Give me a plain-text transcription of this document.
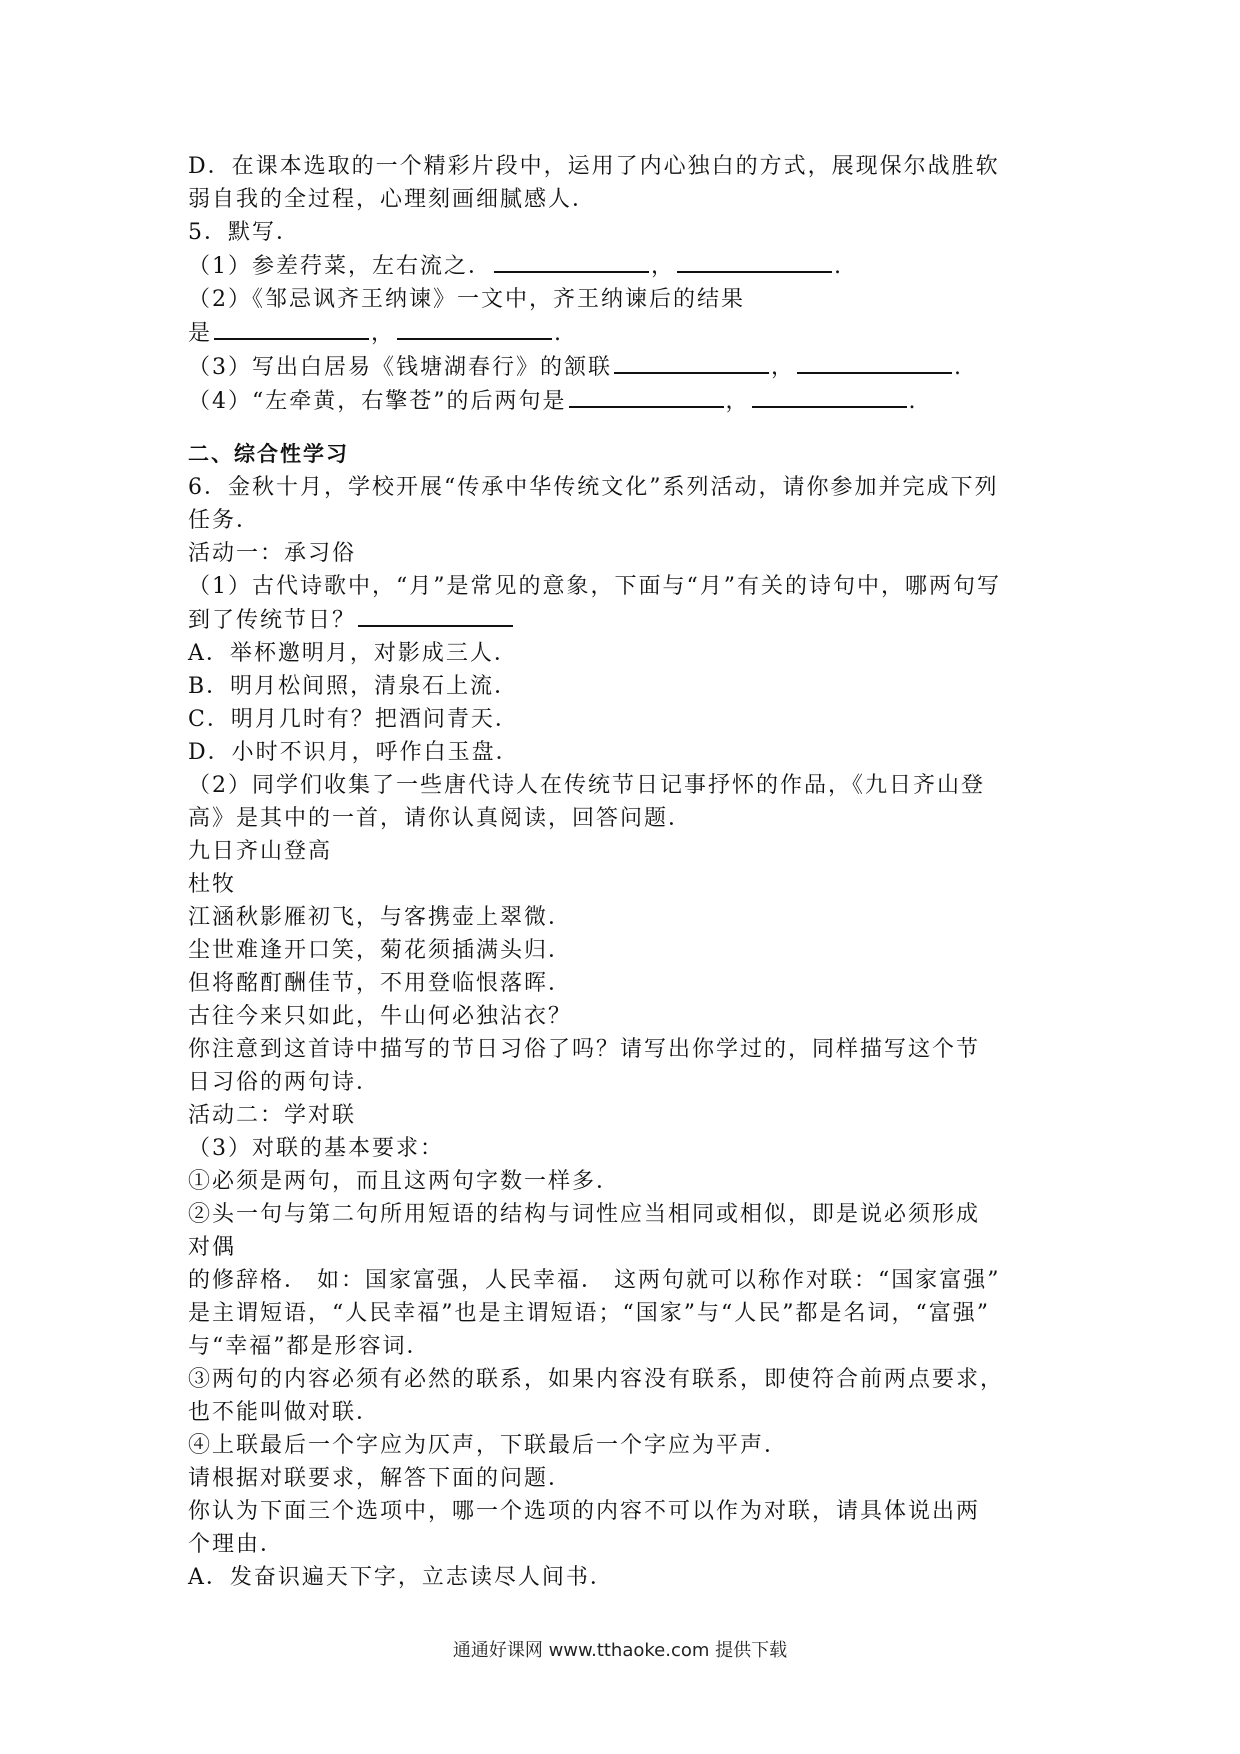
D．在课本选取的一个精彩片段中，运用了内心独白的方式，展现保尔战胜软
弱自我的全过程，心理刻画细腻感人．
5．默写．
（1）参差荇菜，左右流之．	，	.
（2）《邹忌讽齐王纳谏》一文中，齐王纳谏后的结果
是	，	.
（3）写出白居易《钱塘湖春行》的颔联	，	.
（4）“左牵黄，右擎苍”的后两句是	，	.
二、综合性学习
6．金秋十月，学校开展“传承中华传统文化”系列活动，请你参加并完成下列
任务．
活动一：承习俗
（1）古代诗歌中，“月”是常见的意象，下面与“月”有关的诗句中，哪两句写
到了传统节日？
A．举杯邀明月，对影成三人．
B．明月松间照，清泉石上流．
C．明月几时有？把酒问青天．
D．小时不识月，呼作白玉盘．
（2）同学们收集了一些唐代诗人在传统节日记事抒怀的作品，《九日齐山登
高》是其中的一首，请你认真阅读，回答问题．
九日齐山登高
杜牧
江涵秋影雁初飞，与客携壶上翠微．
尘世难逢开口笑，菊花须插满头归．
但将酩酊酬佳节，不用登临恨落晖．
古往今来只如此，牛山何必独沾衣？
你注意到这首诗中描写的节日习俗了吗？请写出你学过的，同样描写这个节
日习俗的两句诗．
活动二：学对联
（3）对联的基本要求：
①必须是两句，而且这两句字数一样多．
②头一句与第二句所用短语的结构与词性应当相同或相似，即是说必须形成
对偶
的修辞格． 如：国家富强，人民幸福． 这两句就可以称作对联：“国家富强”
是主谓短语，“人民幸福”也是主谓短语；“国家”与“人民”都是名词，“富强”
与“幸福”都是形容词．
③两句的内容必须有必然的联系，如果内容没有联系，即使符合前两点要求，
也不能叫做对联．
④上联最后一个字应为仄声，下联最后一个字应为平声．
请根据对联要求，解答下面的问题．
你认为下面三个选项中，哪一个选项的内容不可以作为对联，请具体说出两
个理由．
A．发奋识遍天下字，立志读尽人间书．
通通好课网 www.tthaoke.com 提供下载
